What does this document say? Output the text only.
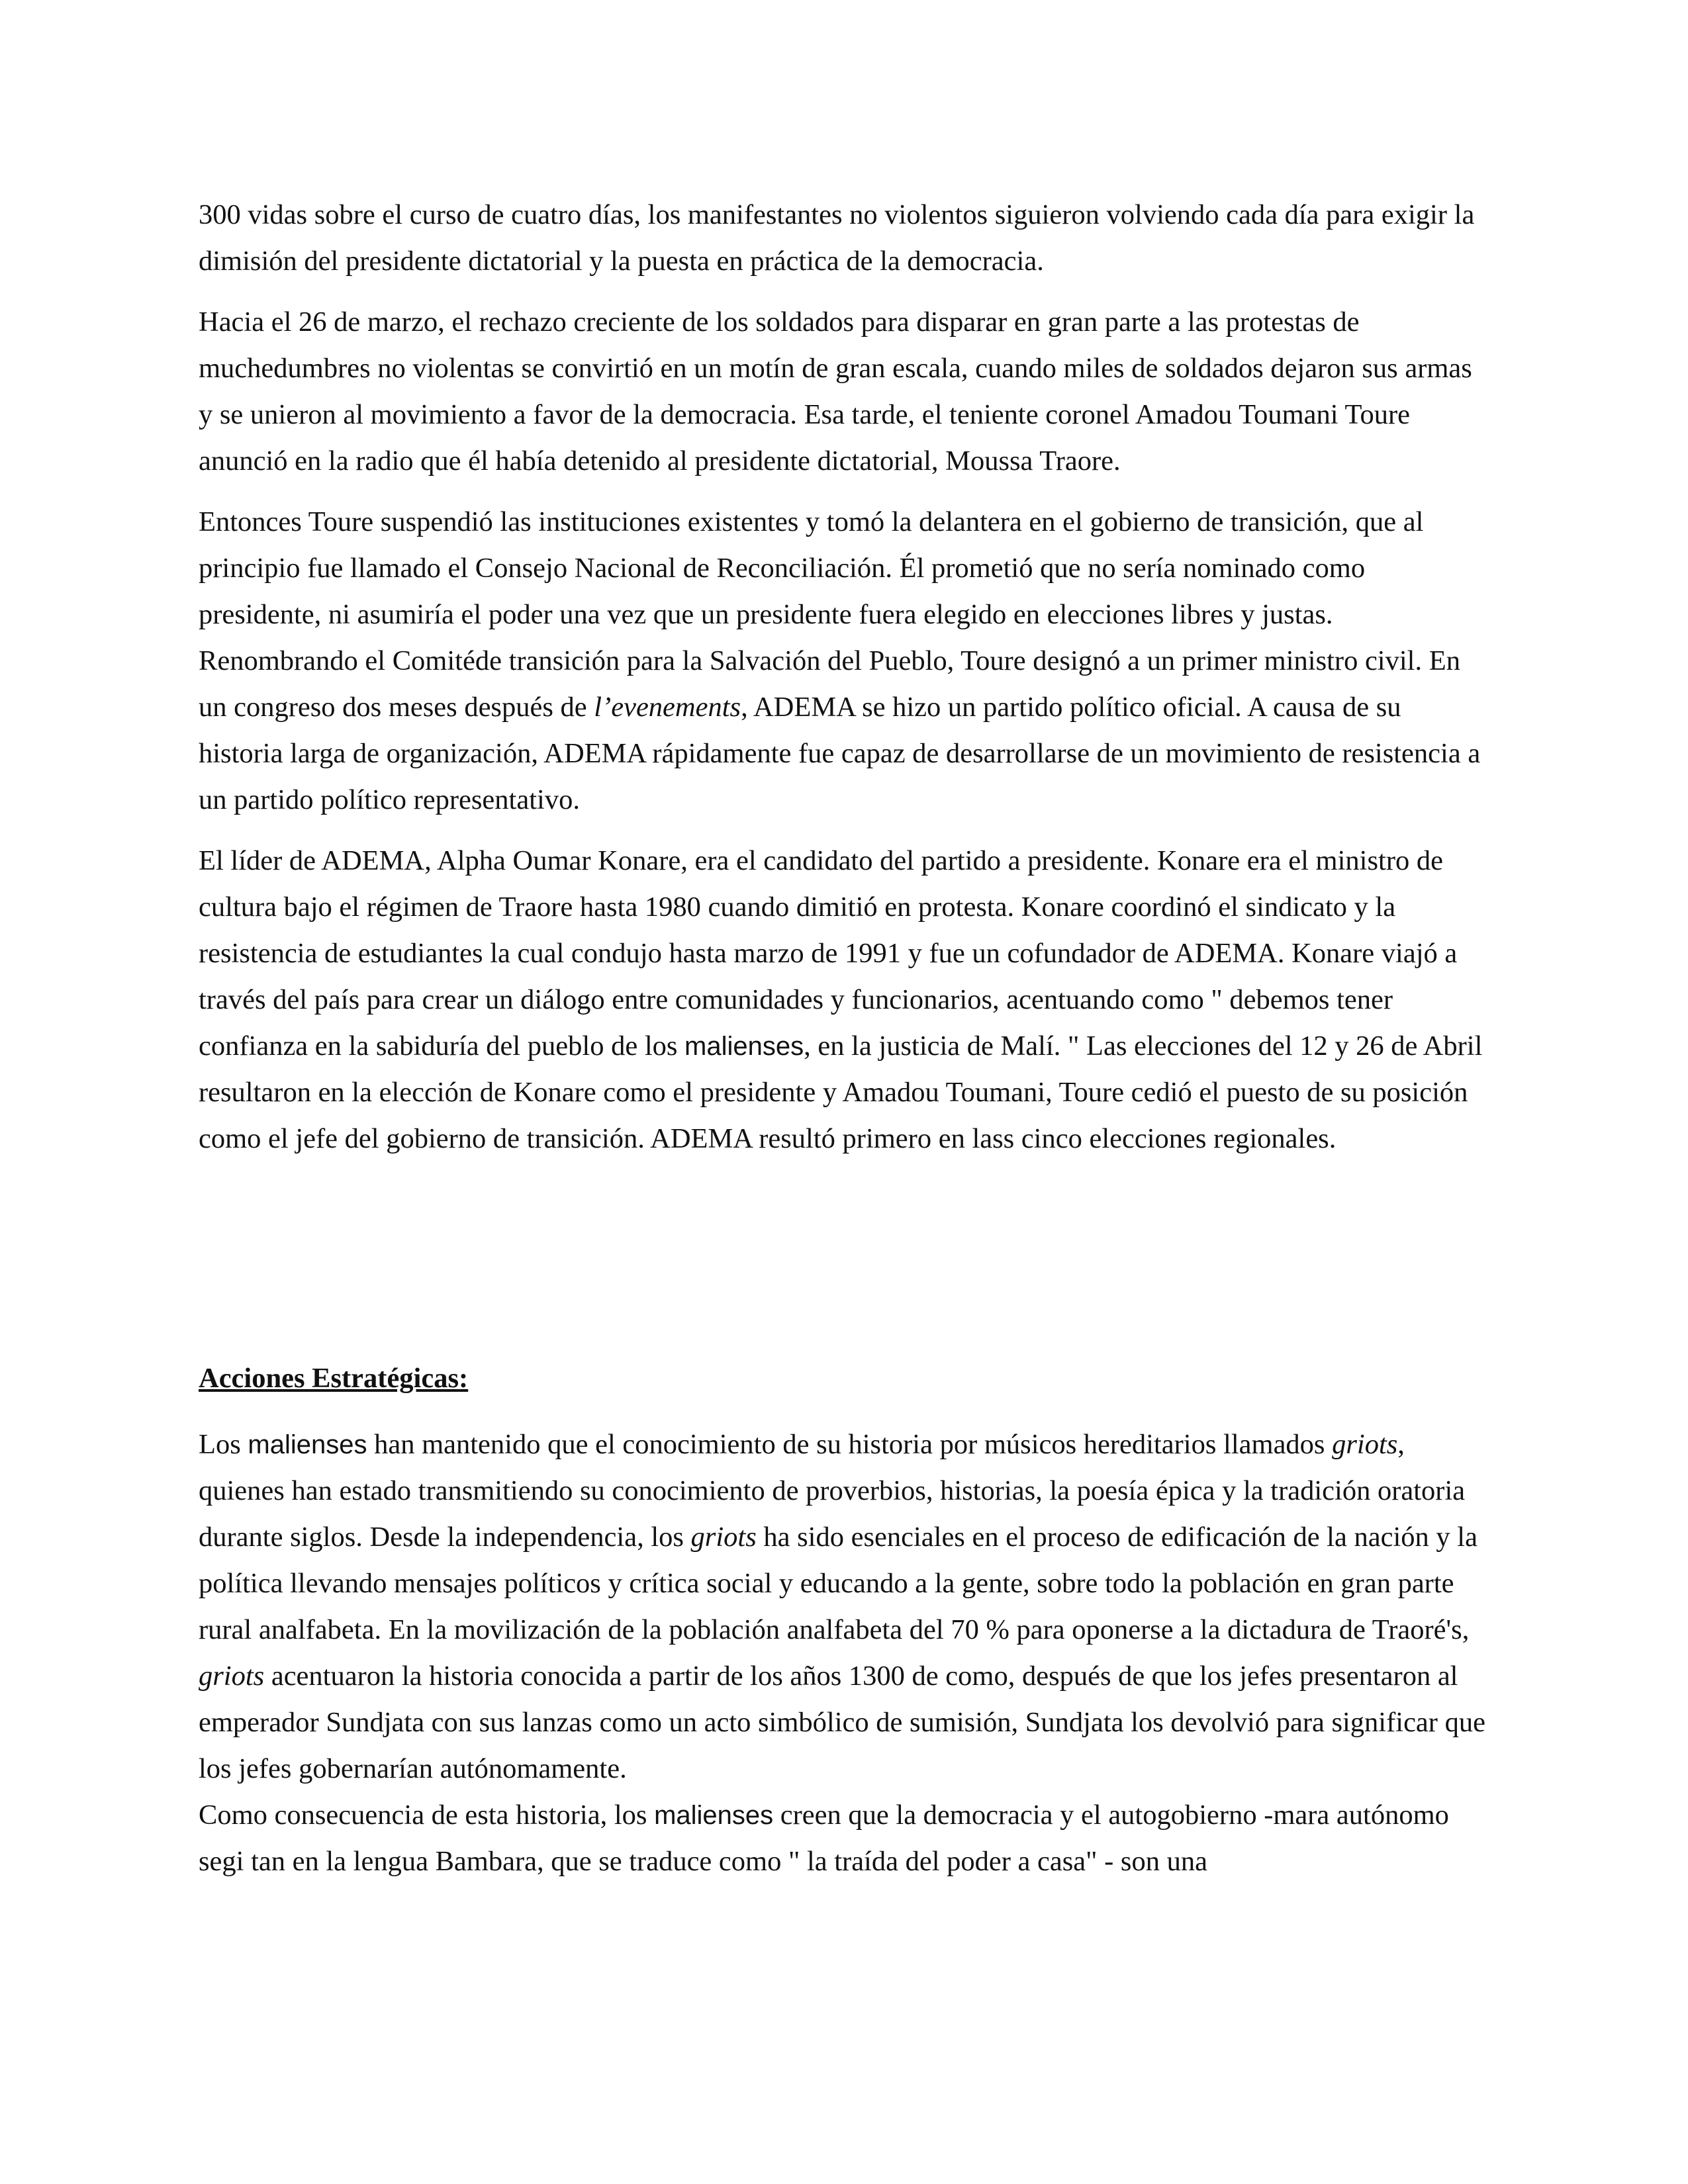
300 vidas sobre el curso de cuatro días, los manifestantes no violentos siguieron volviendo cada día para exigir la dimisión del presidente dictatorial y la puesta en práctica de la democracia.

Hacia el 26 de marzo, el rechazo creciente de los soldados para disparar en gran parte a las protestas de muchedumbres no violentas se convirtió en un motín de gran escala, cuando miles de soldados dejaron sus armas y se unieron al movimiento a favor de la democracia. Esa tarde, el teniente coronel Amadou Toumani Toure anunció en la radio que él había detenido al presidente dictatorial, Moussa Traore.

Entonces Toure suspendió las instituciones existentes y tomó la delantera en el gobierno de transición, que al principio fue llamado el Consejo Nacional de Reconciliación. Él prometió que no sería nominado como presidente, ni asumiría el poder una vez que un presidente fuera elegido en elecciones libres y justas. Renombrando el Comitéde transición para la Salvación del Pueblo, Toure designó a un primer ministro civil. En un congreso dos meses después de l’evenements, ADEMA se hizo un partido político oficial. A causa de su historia larga de organización, ADEMA rápidamente fue capaz de desarrollarse de un movimiento de resistencia a un partido político representativo.

El líder de ADEMA, Alpha Oumar Konare, era el candidato del partido a presidente. Konare era el ministro de cultura bajo el régimen de Traore hasta 1980 cuando dimitió en protesta. Konare coordinó el sindicato y la resistencia de estudiantes la cual condujo hasta marzo de 1991 y fue un cofundador de ADEMA. Konare viajó a través del país para crear un diálogo entre comunidades y funcionarios, acentuando como " debemos tener confianza en la sabiduría del pueblo de los malienses, en la justicia de Malí. " Las elecciones del 12 y 26 de Abril resultaron en la elección de Konare como el presidente y Amadou Toumani, Toure cedió el puesto de su posición como el jefe del gobierno de transición. ADEMA resultó primero en lass cinco elecciones regionales.

Acciones Estratégicas:

Los malienses han mantenido que el conocimiento de su historia por músicos hereditarios llamados griots, quienes han estado transmitiendo su conocimiento de proverbios, historias, la poesía épica y la tradición oratoria durante siglos. Desde la independencia, los griots ha sido esenciales en el proceso de edificación de la nación y la política llevando mensajes políticos y crítica social y educando a la gente, sobre todo la población en gran parte rural analfabeta. En la movilización de la población analfabeta del 70 % para oponerse a la dictadura de Traoré's, griots acentuaron la historia conocida a partir de los años 1300 de como, después de que los jefes presentaron al emperador Sundjata con sus lanzas como un acto simbólico de sumisión, Sundjata los devolvió para significar que los jefes gobernarían autónomamente.

Como consecuencia de esta historia, los malienses creen que la democracia y el autogobierno -mara autónomo segi tan en la lengua Bambara, que se traduce como " la traída del poder a casa" - son una
